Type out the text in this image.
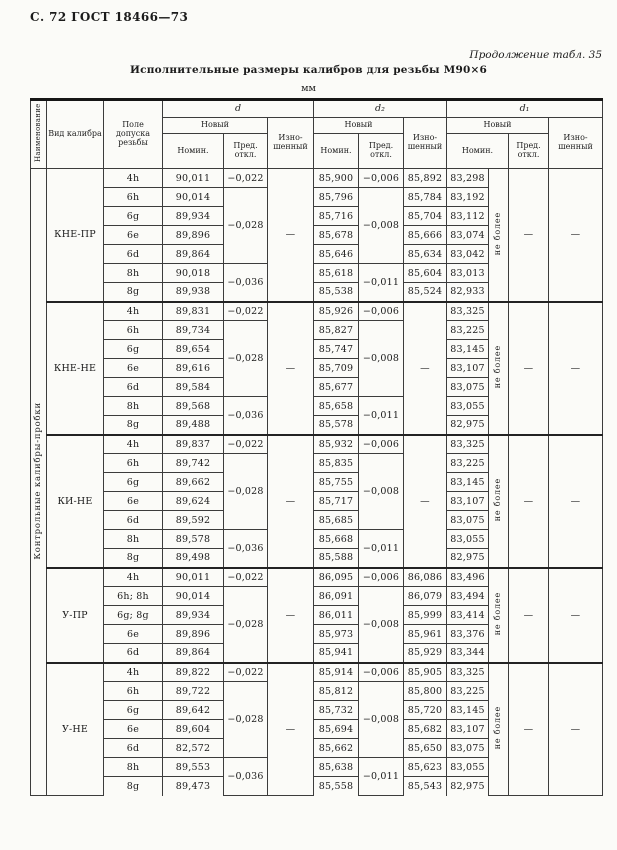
С. 72 ГОСТ 18466—73
Продолжение табл. 35
Исполнительные размеры калибров для резьбы М90×6
мм
Наименование	Вид калибра	Поле допуска резьбы	d			d₂			d₁			
			Новый		Изно-шенный	Новый		Изно-шенный	Новый			Изно-шенный
			Номин.	Пред. откл.		Номин.	Пред. откл.		Номин.		Пред. откл.	
Контрольные калибры-пробки	КНЕ-ПР	4h	90,011	−0,022	—	85,900	−0,006	85,892	83,298	не более	—	—
		6h	90,014	−0,028		85,796	−0,008	85,784	83,192			
		6g	89,934			85,716		85,704	83,112			
		6e	89,896			85,678		85,666	83,074			
		6d	89,864			85,646		85,634	83,042			
		8h	90,018	−0,036		85,618	−0,011	85,604	83,013			
		8g	89,938			85,538		85,524	82,933			
	КНЕ-НЕ	4h	89,831	−0,022	—	85,926	−0,006	—	83,325	не более	—	—
		6h	89,734	−0,028		85,827	−0,008		83,225			
		6g	89,654			85,747			83,145			
		6e	89,616			85,709			83,107			
		6d	89,584			85,677			83,075			
		8h	89,568	−0,036		85,658	−0,011		83,055			
		8g	89,488			85,578			82,975			
	КИ-НЕ	4h	89,837	−0,022	—	85,932	−0,006	—	83,325	не более	—	—
		6h	89,742	−0,028		85,835	−0,008		83,225			
		6g	89,662			85,755			83,145			
		6e	89,624			85,717			83,107			
		6d	89,592			85,685			83,075			
		8h	89,578	−0,036		85,668	−0,011		83,055			
		8g	89,498			85,588			82,975			
	У-ПР	4h	90,011	−0,022	—	86,095	−0,006	86,086	83,496	не более	—	—
		6h; 8h	90,014	−0,028		86,091	−0,008	86,079	83,494			
		6g; 8g	89,934			86,011		85,999	83,414			
		6e	89,896			85,973		85,961	83,376			
		6d	89,864			85,941		85,929	83,344			
	У-НЕ	4h	89,822	−0,022	—	85,914	−0,006	85,905	83,325	не более	—	—
		6h	89,722	−0,028		85,812	−0,008	85,800	83,225			
		6g	89,642			85,732		85,720	83,145			
		6e	89,604			85,694		85,682	83,107			
		6d	82,572			85,662		85,650	83,075			
		8h	89,553	−0,036		85,638	−0,011	85,623	83,055			
		8g	89,473			85,558		85,543	82,975			
